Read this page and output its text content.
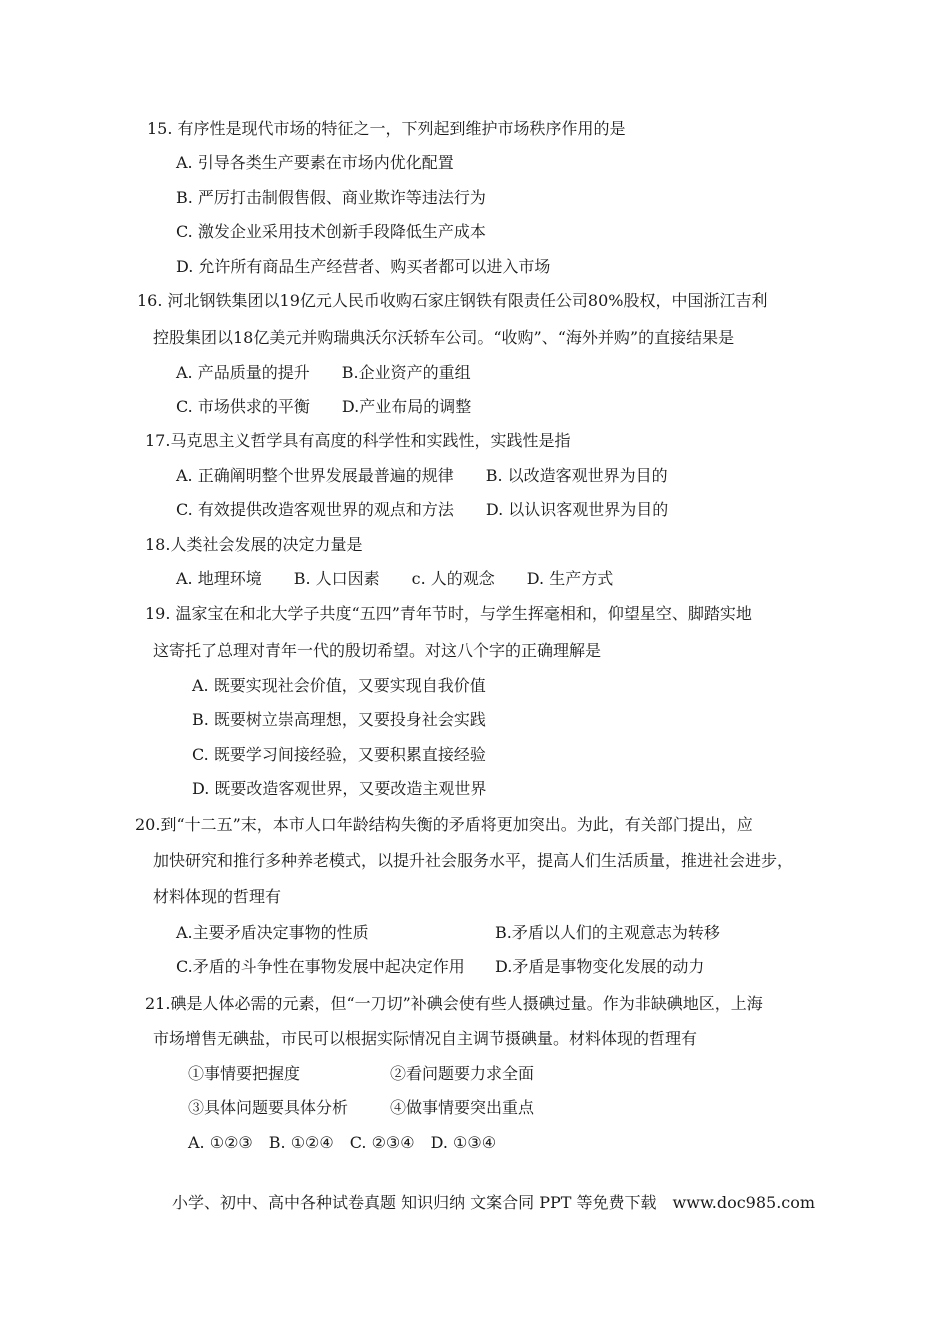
15. 有序性是现代市场的特征之一，下列起到维护市场秩序作用的是
A. 引导各类生产要素在市场内优化配置
B. 严厉打击制假售假、商业欺诈等违法行为
C. 激发企业采用技术创新手段降低生产成本
D. 允许所有商品生产经营者、购买者都可以进入市场
16. 河北钢铁集团以19亿元人民币收购石家庄钢铁有限责任公司80%股权，中国浙江吉利
控股集团以18亿美元并购瑞典沃尔沃轿车公司。“收购”、“海外并购”的直接结果是
A. 产品质量的提升　　B.企业资产的重组
C. 市场供求的平衡　　D.产业布局的调整
17.马克思主义哲学具有高度的科学性和实践性，实践性是指
A. 正确阐明整个世界发展最普遍的规律　　B. 以改造客观世界为目的
C. 有效提供改造客观世界的观点和方法　　D. 以认识客观世界为目的
18.人类社会发展的决定力量是
A. 地理环境　　B. 人口因素　　c. 人的观念　　D. 生产方式
19. 温家宝在和北大学子共度“五四”青年节时，与学生挥毫相和，仰望星空、脚踏实地
这寄托了总理对青年一代的殷切希望。对这八个字的正确理解是
A. 既要实现社会价值，又要实现自我价值
B. 既要树立崇高理想，又要投身社会实践
C. 既要学习间接经验，又要积累直接经验
D. 既要改造客观世界，又要改造主观世界
20.到“十二五”末，本市人口年龄结构失衡的矛盾将更加突出。为此，有关部门提出，应
加快研究和推行多种养老模式，以提升社会服务水平，提高人们生活质量，推进社会进步，
材料体现的哲理有
A.主要矛盾决定事物的性质	B.矛盾以人们的主观意志为转移
C.矛盾的斗争性在事物发展中起决定作用 D.矛盾是事物变化发展的动力
21.碘是人体必需的元素，但“一刀切”补碘会使有些人摄碘过量。作为非缺碘地区，上海
市场增售无碘盐，市民可以根据实际情况自主调节摄碘量。材料体现的哲理有
①事情要把握度	②看问题要力求全面
③具体问题要具体分析	④做事情要突出重点
A. ①②③　B. ①②④　C. ②③④　D. ①③④
小学、初中、高中各种试卷真题 知识归纳 文案合同 PPT 等免费下载　www.doc985.com
